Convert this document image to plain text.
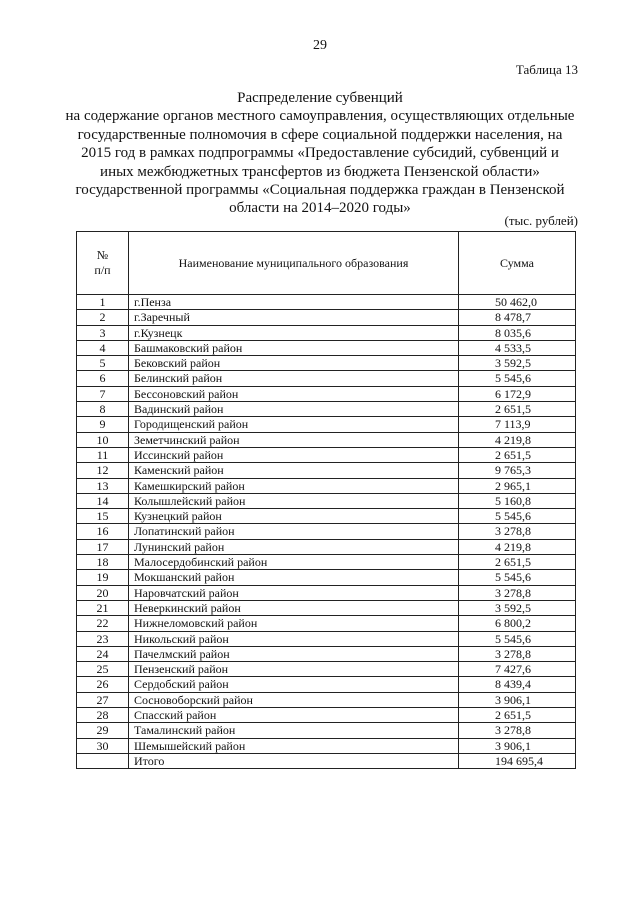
29
Таблица 13
Распределение субвенций
на содержание органов местного самоуправления, осуществляющих отдельные
государственные полномочия в сфере социальной поддержки населения, на
2015 год в рамках подпрограммы «Предоставление субсидий, субвенций и
иных межбюджетных трансфертов из бюджета Пензенской области»
государственной программы «Социальная поддержка граждан в Пензенской
области на 2014–2020 годы»
(тыс. рублей)
№
п/п	Наименование муниципального образования	Сумма
1	г.Пенза	50 462,0
2	г.Заречный	8 478,7
3	г.Кузнецк	8 035,6
4	Башмаковский район	4 533,5
5	Бековский район	3 592,5
6	Белинский район	5 545,6
7	Бессоновский район	6 172,9
8	Вадинский район	2 651,5
9	Городищенский район	7 113,9
10	Земетчинский район	4 219,8
11	Иссинский район	2 651,5
12	Каменский район	9 765,3
13	Камешкирский район	2 965,1
14	Колышлейский район	5 160,8
15	Кузнецкий район	5 545,6
16	Лопатинский район	3 278,8
17	Лунинский район	4 219,8
18	Малосердобинский район	2 651,5
19	Мокшанский район	5 545,6
20	Наровчатский район	3 278,8
21	Неверкинский район	3 592,5
22	Нижнеломовский район	6 800,2
23	Никольский район	5 545,6
24	Пачелмский район	3 278,8
25	Пензенский район	7 427,6
26	Сердобский район	8 439,4
27	Сосновоборский район	3 906,1
28	Спасский район	2 651,5
29	Тамалинский район	3 278,8
30	Шемышейский район	3 906,1
	Итого	194 695,4
